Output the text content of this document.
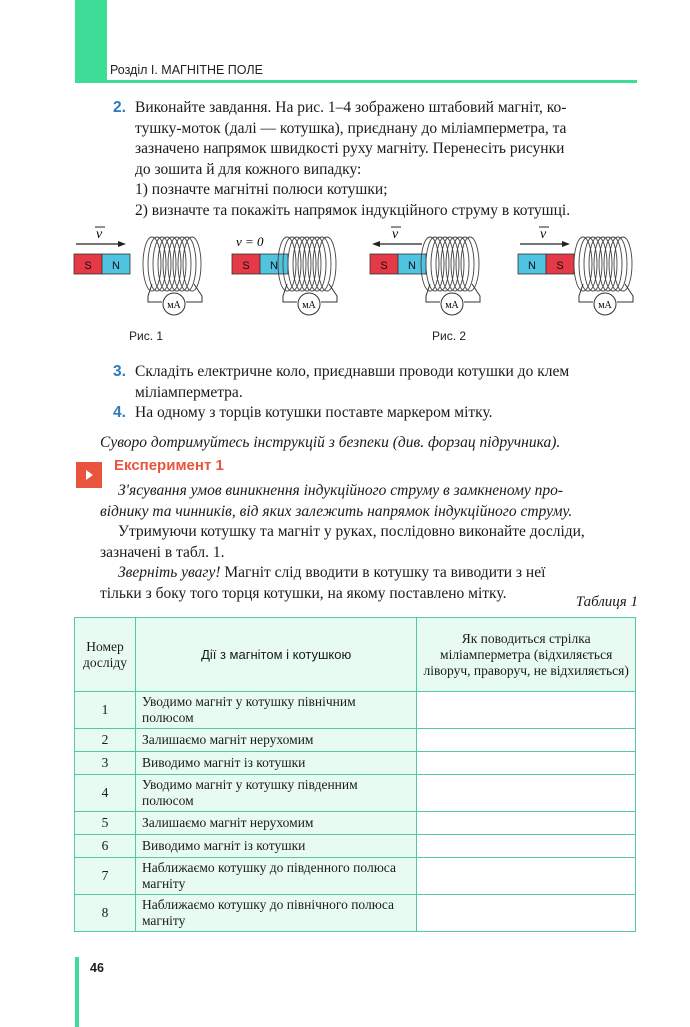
Розділ I. МАГНІТНЕ ПОЛЕ
2. Виконайте завдання. На рис. 1–4 зображено штабовий магніт, ко-
тушку-моток (далі — котушка), приєднану до міліамперметра, та
зазначено напрямок швидкості руху магніту. Перенесіть рисунки
до зошита й для кожного випадку:
1) позначте магнітні полюси котушки;
2) визначте та покажіть напрямок індукційного струму в котушці.
v
S N
мА
Рис. 1
v = 0
S N
мА
Рис. 2
v
S N
мА
v
N S
мА
3. Складіть електричне коло, приєднавши проводи котушки до клем
міліамперметра.
4. На одному з торців котушки поставте маркером мітку.
Суворо дотримуйтесь інструкцій з безпеки (див. форзац підручника).
Експеримент 1
З'ясування умов виникнення індукційного струму в замкненому про-
віднику та чинників, від яких залежить напрямок індукційного струму.
Утримуючи котушку та магніт у руках, послідовно виконайте досліди,
зазначені в табл. 1.
Зверніть увагу! Магніт слід вводити в котушку та виводити з неї
тільки з боку того торця котушки, на якому поставлено мітку.
Таблиця 1
Номер досліду	Дії з магнітом і котушкою	Як поводиться стрілка міліамперметра (відхиляється ліворуч, праворуч, не відхиляється)
1	Уводимо магніт у котушку північним полюсом	
2	Залишаємо магніт нерухомим	
3	Виводимо магніт із котушки	
4	Уводимо магніт у котушку південним полюсом	
5	Залишаємо магніт нерухомим	
6	Виводимо магніт із котушки	
7	Наближаємо котушку до південного полюса магніту	
8	Наближаємо котушку до північного полюса магніту	
46
